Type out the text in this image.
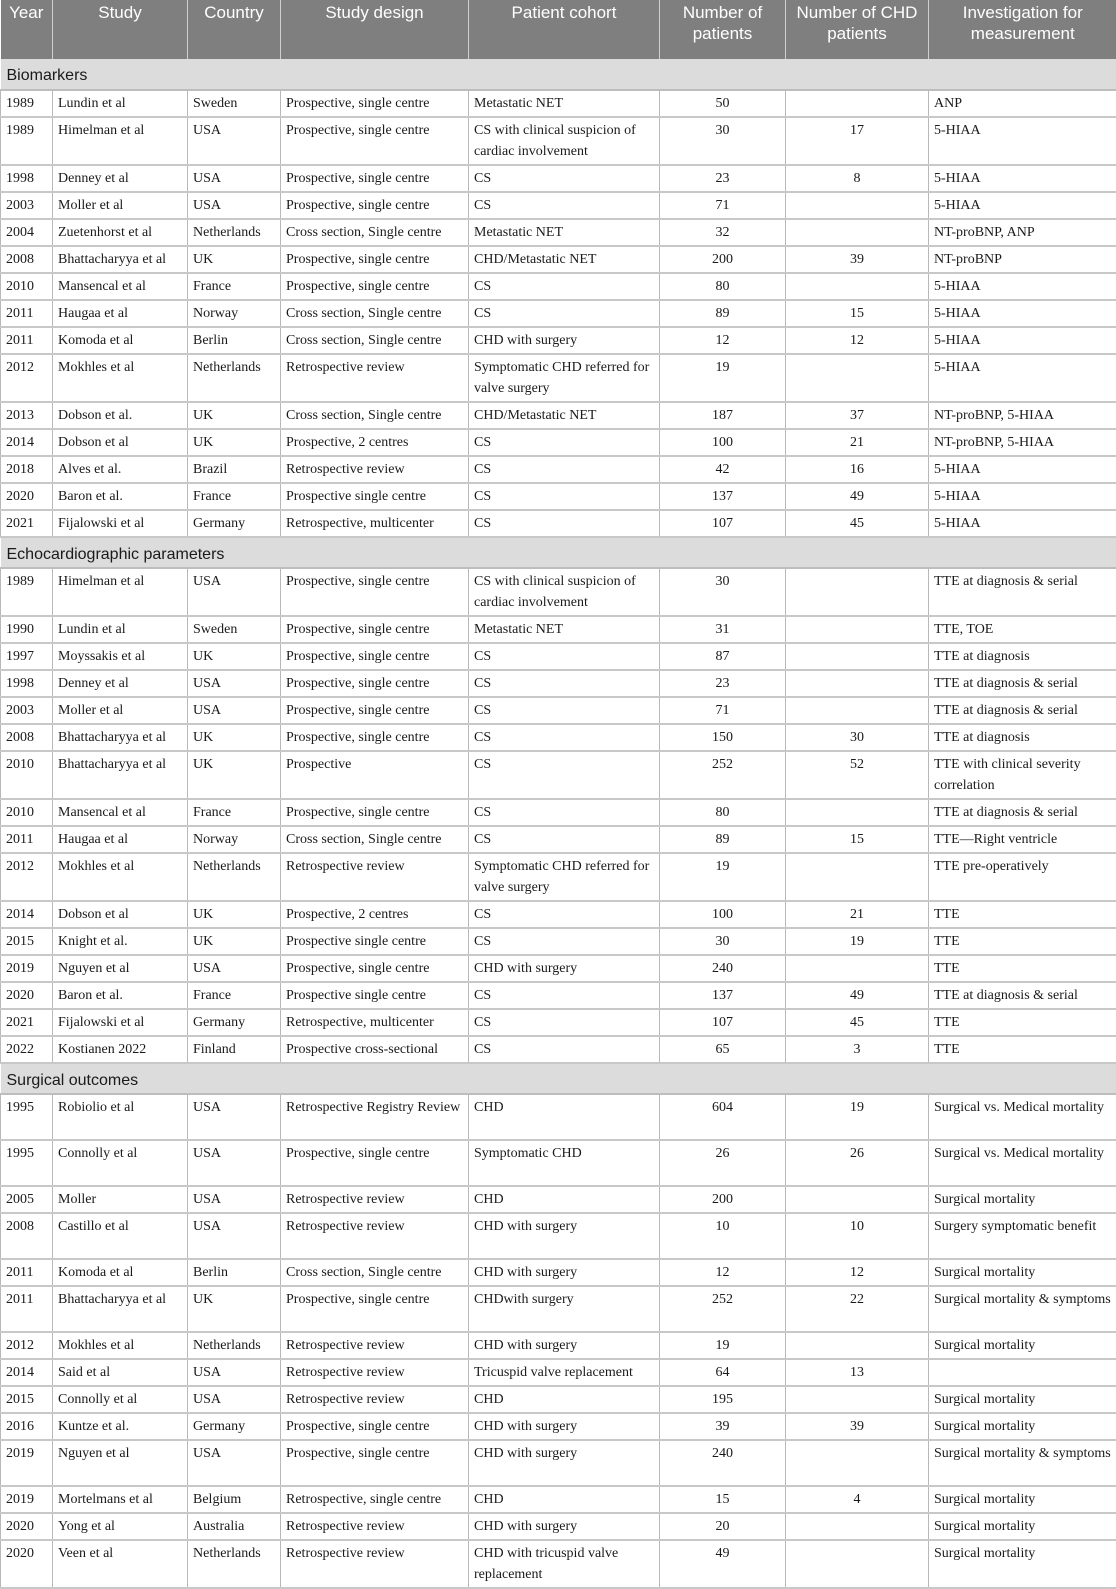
Year	Study	Country	Study design	Patient cohort	Number of patients	Number of CHD patients	Investigation for measurement
Biomarkers							
1989	Lundin et al	Sweden	Prospective, single centre	Metastatic NET	50		ANP
1989	Himelman et al	USA	Prospective, single centre	CS with clinical suspicion of cardiac involvement	30	17	5-HIAA
1998	Denney et al	USA	Prospective, single centre	CS	23	8	5-HIAA
2003	Moller et al	USA	Prospective, single centre	CS	71		5-HIAA
2004	Zuetenhorst et al	Netherlands	Cross section, Single centre	Metastatic NET	32		NT-proBNP, ANP
2008	Bhattacharyya et al	UK	Prospective, single centre	CHD/Metastatic NET	200	39	NT-proBNP
2010	Mansencal et al	France	Prospective, single centre	CS	80		5-HIAA
2011	Haugaa et al	Norway	Cross section, Single centre	CS	89	15	5-HIAA
2011	Komoda et al	Berlin	Cross section, Single centre	CHD with surgery	12	12	5-HIAA
2012	Mokhles et al	Netherlands	Retrospective review	Symptomatic CHD referred for valve surgery	19		5-HIAA
2013	Dobson et al.	UK	Cross section, Single centre	CHD/Metastatic NET	187	37	NT-proBNP, 5-HIAA
2014	Dobson et al	UK	Prospective, 2 centres	CS	100	21	NT-proBNP, 5-HIAA
2018	Alves et al.	Brazil	Retrospective review	CS	42	16	5-HIAA
2020	Baron et al.	France	Prospective single centre	CS	137	49	5-HIAA
2021	Fijalowski et al	Germany	Retrospective, multicenter	CS	107	45	5-HIAA
Echocardiographic parameters							
1989	Himelman et al	USA	Prospective, single centre	CS with clinical suspicion of cardiac involvement	30		TTE at diagnosis & serial
1990	Lundin et al	Sweden	Prospective, single centre	Metastatic NET	31		TTE, TOE
1997	Moyssakis et al	UK	Prospective, single centre	CS	87		TTE at diagnosis
1998	Denney et al	USA	Prospective, single centre	CS	23		TTE at diagnosis & serial
2003	Moller et al	USA	Prospective, single centre	CS	71		TTE at diagnosis & serial
2008	Bhattacharyya et al	UK	Prospective, single centre	CS	150	30	TTE at diagnosis
2010	Bhattacharyya et al	UK	Prospective	CS	252	52	TTE with clinical severity correlation
2010	Mansencal et al	France	Prospective, single centre	CS	80		TTE at diagnosis & serial
2011	Haugaa et al	Norway	Cross section, Single centre	CS	89	15	TTE—Right ventricle
2012	Mokhles et al	Netherlands	Retrospective review	Symptomatic CHD referred for valve surgery	19		TTE pre-operatively
2014	Dobson et al	UK	Prospective, 2 centres	CS	100	21	TTE
2015	Knight et al.	UK	Prospective single centre	CS	30	19	TTE
2019	Nguyen et al	USA	Prospective, single centre	CHD with surgery	240		TTE
2020	Baron et al.	France	Prospective single centre	CS	137	49	TTE at diagnosis & serial
2021	Fijalowski et al	Germany	Retrospective, multicenter	CS	107	45	TTE
2022	Kostianen 2022	Finland	Prospective cross-sectional	CS	65	3	TTE
Surgical outcomes							
1995	Robiolio et al	USA	Retrospective Registry Review	CHD	604	19	Surgical vs. Medical mortality
1995	Connolly et al	USA	Prospective, single centre	Symptomatic CHD	26	26	Surgical vs. Medical mortality
2005	Moller	USA	Retrospective review	CHD	200		Surgical mortality
2008	Castillo et al	USA	Retrospective review	CHD with surgery	10	10	Surgery symptomatic benefit
2011	Komoda et al	Berlin	Cross section, Single centre	CHD with surgery	12	12	Surgical mortality
2011	Bhattacharyya et al	UK	Prospective, single centre	CHDwith surgery	252	22	Surgical mortality & symptoms
2012	Mokhles et al	Netherlands	Retrospective review	CHD with surgery	19		Surgical mortality
2014	Said et al	USA	Retrospective review	Tricuspid valve replacement	64	13	
2015	Connolly et al	USA	Retrospective review	CHD	195		Surgical mortality
2016	Kuntze et al.	Germany	Prospective, single centre	CHD with surgery	39	39	Surgical mortality
2019	Nguyen et al	USA	Prospective, single centre	CHD with surgery	240		Surgical mortality & symptoms
2019	Mortelmans et al	Belgium	Retrospective, single centre	CHD	15	4	Surgical mortality
2020	Yong et al	Australia	Retrospective review	CHD with surgery	20		Surgical mortality
2020	Veen et al	Netherlands	Retrospective review	CHD with tricuspid valve replacement	49		Surgical mortality
